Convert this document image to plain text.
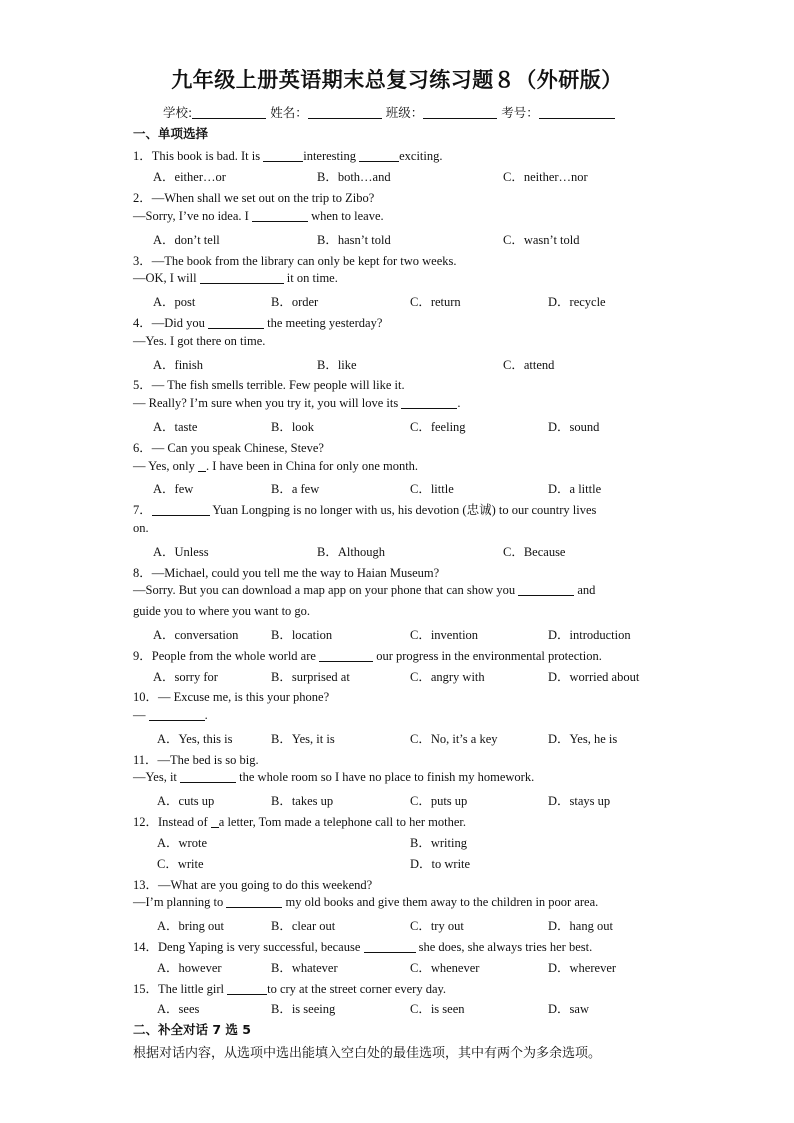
九年级上册英语期末总复习练习题８（外研版）
学校:	姓名：	班级：	考号：
一、单项选择
1．This book is bad. It is	interesting	exciting.
A．either…or	B．both…and	C．neither…nor
2．—When shall we set out on the trip to Zibo?
—Sorry, I’ve no idea. I	when to leave.
A．don’t tell	B．hasn’t told	C．wasn’t told
3．—The book from the library can only be kept for two weeks.
—OK, I will	it on time.
A．post	B．order	C．return	D．recycle
4．—Did you	the meeting yesterday?
—Yes. I got there on time.
A．finish	B．like	C．attend
5．— The fish smells terrible. Few people will like it.
— Really? I’m sure when you try it, you will love its	.
A．taste	B．look	C．feeling	D．sound
6．— Can you speak Chinese, Steve?
— Yes, only . I have been in China for only one month.
A．few	B．a few	C．little	D．a little
7．	Yuan Longping is no longer with us, his devotion (忠诚) to our country lives
on.
A．Unless	B．Although	C．Because
8．—Michael, could you tell me the way to Haian Museum?
—Sorry. But you can download a map app on your phone that can show you	and
guide you to where you want to go.
A．conversation	B．location	C．invention	D．introduction
9．People from the whole world are	our progress in the environmental protection.
A．sorry for	B．surprised at	C．angry with	D．worried about
10．— Excuse me, is this your phone?
—	.
A．Yes, this is	B．Yes, it is	C．No, it’s a key	D．Yes, he is
11．—The bed is so big.
—Yes, it	the whole room so I have no place to finish my homework.
A．cuts up	B．takes up	C．puts up	D．stays up
12．Instead of a letter, Tom made a telephone call to her mother.
A．wrote	B．writing
C．write	D．to write
13．—What are you going to do this weekend?
—I’m planning to	my old books and give them away to the children in poor area.
A．bring out	B．clear out	C．try out	D．hang out
14．Deng Yaping is very successful, because	she does, she always tries her best.
A．however	B．whatever	C．whenever	D．wherever
15．The little girl	to cry at the street corner every day.
A．sees	B．is seeing	C．is seen	D．saw
二、补全对话 7 选 5
根据对话内容，从选项中选出能填入空白处的最佳选项，其中有两个为多余选项。
